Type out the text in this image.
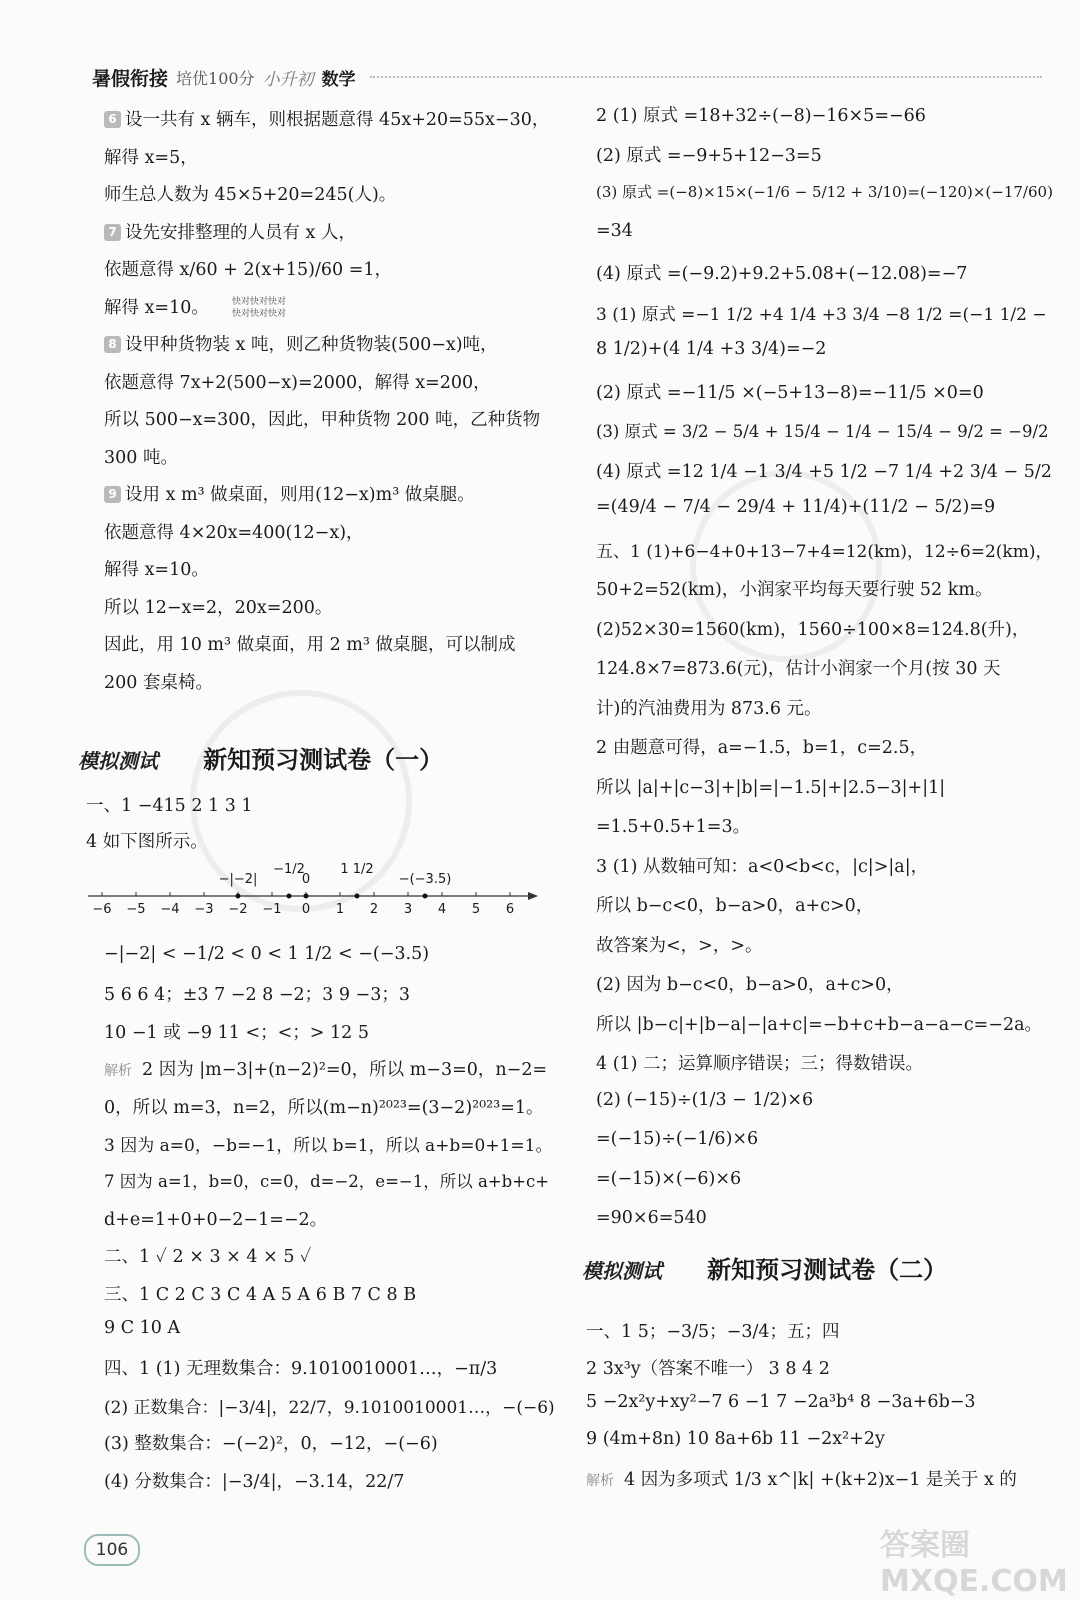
暑假衔接 培优100分 小升初 数学
6 设一共有 x 辆车，则根据题意得 45x+20=55x−30，
解得 x=5，
师生总人数为 45×5+20=245(人)。
7 设先安排整理的人员有 x 人，
依题意得 x/60 + 2(x+15)/60 =1，
解得 x=10。
8 设甲种货物装 x 吨，则乙种货物装(500−x)吨，
依题意得 7x+2(500−x)=2000，解得 x=200，
所以 500−x=300，因此，甲种货物 200 吨，乙种货物
300 吨。
9 设用 x m³ 做桌面，则用(12−x)m³ 做桌腿。
依题意得 4×20x=400(12−x)，
解得 x=10。
所以 12−x=2，20x=200。
因此，用 10 m³ 做桌面，用 2 m³ 做桌腿，可以制成
200 套桌椅。
快对快对快对
快对快对快对
模拟测试 新知预习测试卷（一）
一、1 −415 2 1 3 1
4 如下图所示。
−6 −5 −4 −3 −2 −1 0 1 2 3 4 5 6
−|−2|
−1/2
0
1 1/2
−(−3.5)
−|−2| < −1/2 < 0 < 1 1/2 < −(−3.5)
5 6 6 4；±3 7 −2 8 −2；3 9 −3；3
10 −1 或 −9 11 <；<；> 12 5
解析 2 因为 |m−3|+(n−2)²=0，所以 m−3=0，n−2=
0，所以 m=3，n=2，所以(m−n)²⁰²³=(3−2)²⁰²³=1。
3 因为 a=0，−b=−1，所以 b=1，所以 a+b=0+1=1。
7 因为 a=1，b=0，c=0，d=−2，e=−1，所以 a+b+c+
d+e=1+0+0−2−1=−2。
二、1 ✓ 2 × 3 × 4 × 5 ✓
三、1 C 2 C 3 C 4 A 5 A 6 B 7 C 8 B
9 C 10 A
四、1 (1) 无理数集合：9.1010010001…，−π/3
(2) 正数集合：|−3/4|，22/7，9.1010010001…，−(−6)
(3) 整数集合：−(−2)²，0，−12，−(−6)
(4) 分数集合：|−3/4|，−3.14，22/7
2 (1) 原式 =18+32÷(−8)−16×5=−66
(2) 原式 =−9+5+12−3=5
(3) 原式 =(−8)×15×(−1/6 − 5/12 + 3/10)=(−120)×(−17/60)
=34
(4) 原式 =(−9.2)+9.2+5.08+(−12.08)=−7
3 (1) 原式 =−1 1/2 +4 1/4 +3 3/4 −8 1/2 =(−1 1/2 −
8 1/2)+(4 1/4 +3 3/4)=−2
(2) 原式 =−11/5 ×(−5+13−8)=−11/5 ×0=0
(3) 原式 = 3/2 − 5/4 + 15/4 − 1/4 − 15/4 − 9/2 = −9/2
(4) 原式 =12 1/4 −1 3/4 +5 1/2 −7 1/4 +2 3/4 − 5/2
=(49/4 − 7/4 − 29/4 + 11/4)+(11/2 − 5/2)=9
五、1 (1)+6−4+0+13−7+4=12(km)，12÷6=2(km)，
50+2=52(km)，小润家平均每天要行驶 52 km。
(2)52×30=1560(km)，1560÷100×8=124.8(升)，
124.8×7=873.6(元)，估计小润家一个月(按 30 天
计)的汽油费用为 873.6 元。
2 由题意可得，a=−1.5，b=1，c=2.5，
所以 |a|+|c−3|+|b|=|−1.5|+|2.5−3|+|1|
=1.5+0.5+1=3。
3 (1) 从数轴可知：a<0<b<c，|c|>|a|，
所以 b−c<0，b−a>0，a+c>0，
故答案为<，>，>。
(2) 因为 b−c<0，b−a>0，a+c>0，
所以 |b−c|+|b−a|−|a+c|=−b+c+b−a−a−c=−2a。
4 (1) 二；运算顺序错误；三；得数错误。
(2) (−15)÷(1/3 − 1/2)×6
=(−15)÷(−1/6)×6
=(−15)×(−6)×6
=90×6=540
模拟测试 新知预习测试卷（二）
一、1 5；−3/5；−3/4；五；四
2 3x³y（答案不唯一） 3 8 4 2
5 −2x²y+xy²−7 6 −1 7 −2a³b⁴ 8 −3a+6b−3
9 (4m+8n) 10 8a+6b 11 −2x²+2y
解析 4 因为多项式 1/3 x^|k| +(k+2)x−1 是关于 x 的
106	答案圈 MXQE.COM
